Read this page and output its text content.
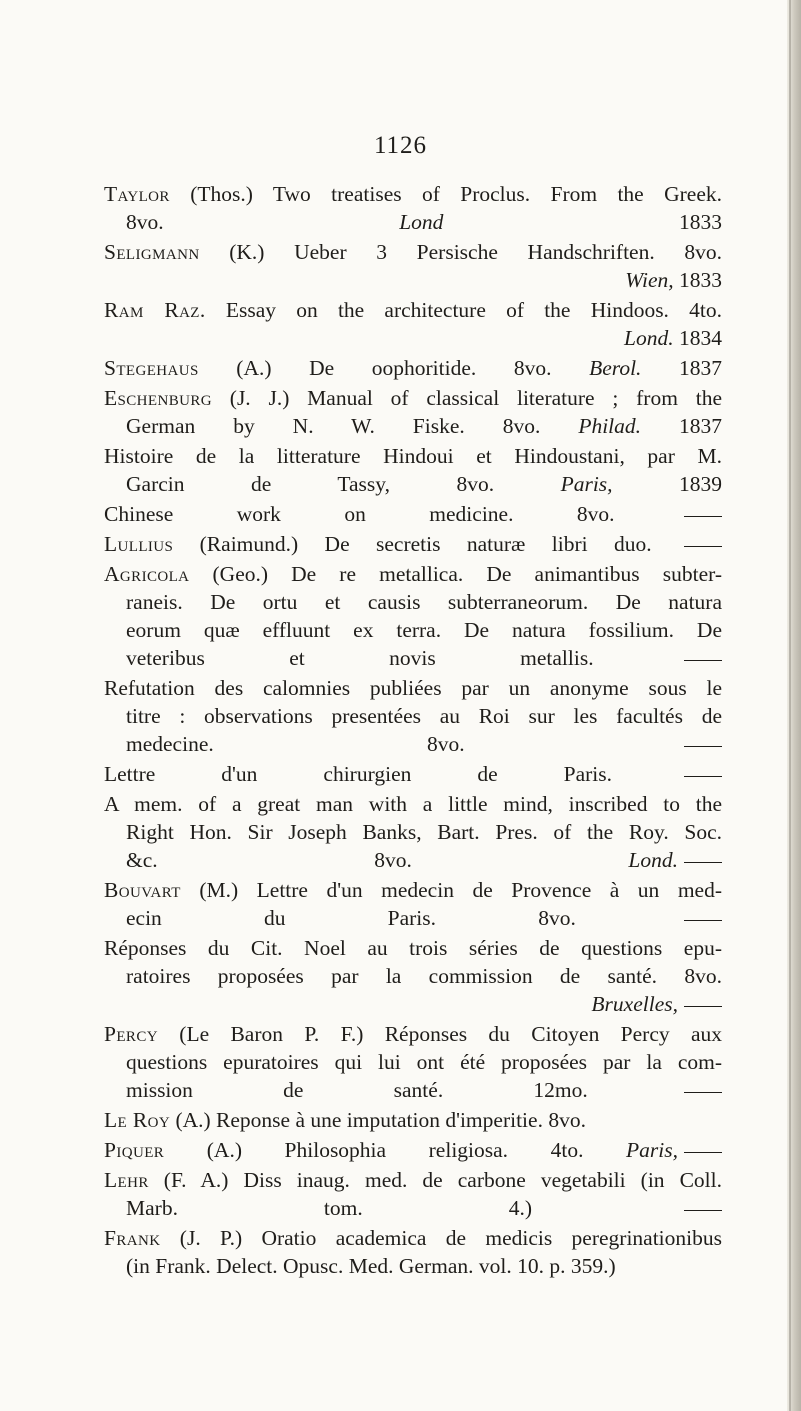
1126
Taylor (Thos.) Two treatises of Proclus. From the Greek.
8vo.	Lond	1833
Seligmann (K.) Ueber 3 Persische Handschriften. 8vo.
Wien, 1833
Ram Raz. Essay on the architecture of the Hindoos. 4to.
Lond. 1834
Stegehaus (A.) De oophoritide. 8vo. Berol. 1837
Eschenburg (J. J.) Manual of classical literature ; from the
German by N. W. Fiske. 8vo. Philad. 1837
Histoire de la litterature Hindoui et Hindoustani, par M.
Garcin de Tassy, 8vo.	Paris,	1839
Chinese work on medicine. 8vo.
Lullius (Raimund.) De secretis naturæ libri duo.
Agricola (Geo.) De re metallica. De animantibus subter-
raneis. De ortu et causis subterraneorum. De natura
eorum quæ effluunt ex terra. De natura fossilium. De
veteribus et novis metallis.
Refutation des calomnies publiées par un anonyme sous le
titre : observations presentées au Roi sur les facultés de
medecine. 8vo.
Lettre d'un chirurgien de Paris.
A mem. of a great man with a little mind, inscribed to the
Right Hon. Sir Joseph Banks, Bart. Pres. of the Roy. Soc.
&c. 8vo.	Lond.
Bouvart (M.) Lettre d'un medecin de Provence à un med-
ecin du Paris. 8vo.
Réponses du Cit. Noel au trois séries de questions epu-
ratoires proposées par la commission de santé. 8vo.
Bruxelles,
Percy (Le Baron P. F.) Réponses du Citoyen Percy aux
questions epuratoires qui lui ont été proposées par la com-
mission de santé. 12mo.
Le Roy (A.) Reponse à une imputation d'imperitie. 8vo.
Piquer (A.) Philosophia religiosa. 4to. Paris,
Lehr (F. A.) Diss inaug. med. de carbone vegetabili (in Coll.
Marb. tom. 4.)
Frank (J. P.) Oratio academica de medicis peregrinationibus
(in Frank. Delect. Opusc. Med. German. vol. 10. p. 359.)
